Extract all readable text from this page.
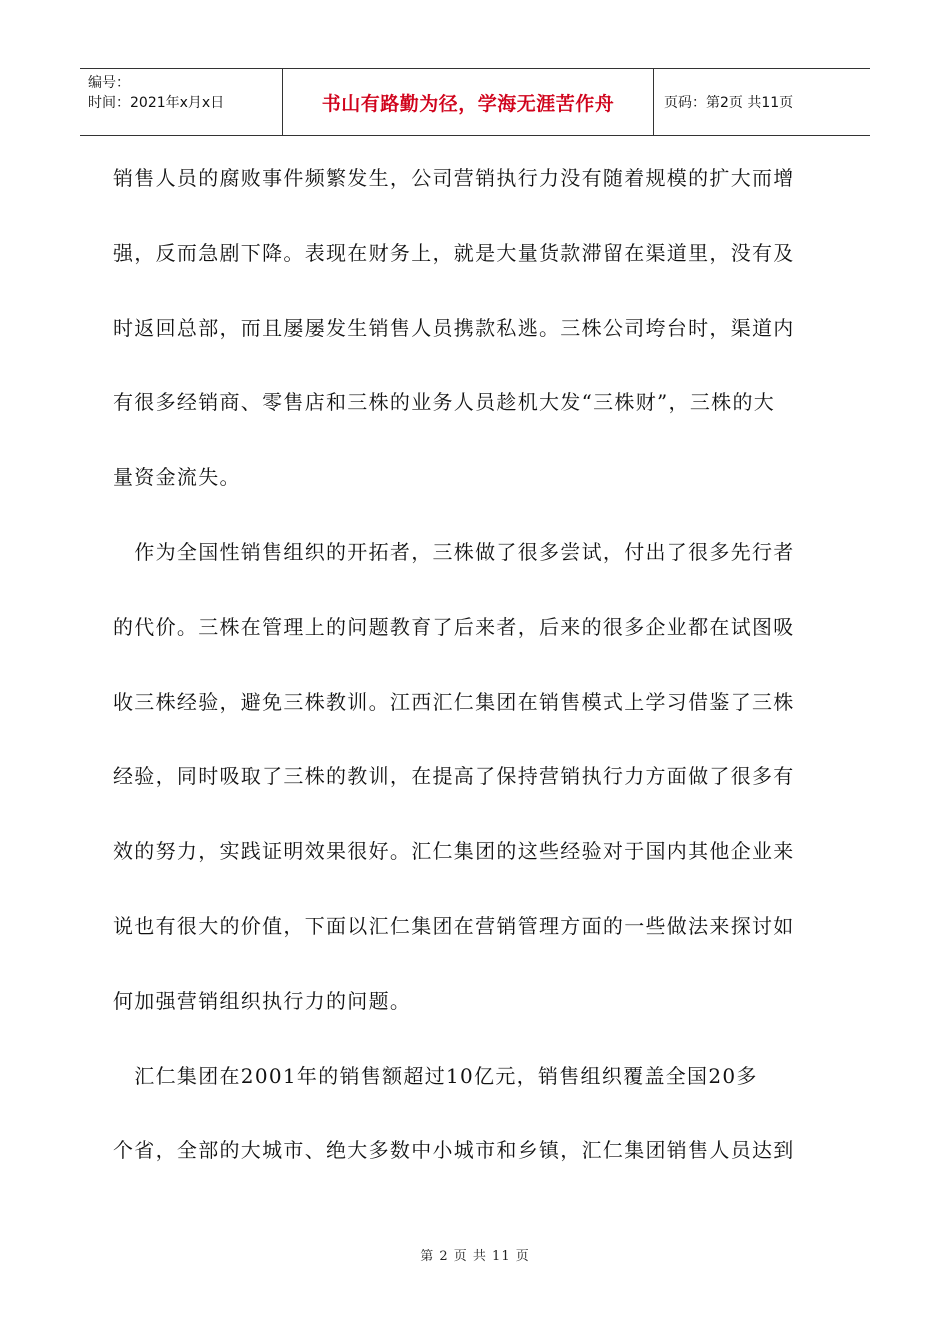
编号：
时间：2021年x月x日	书山有路勤为径，学海无涯苦作舟	页码：第2页 共11页
销售人员的腐败事件频繁发生，公司营销执行力没有随着规模的扩大而增
强，反而急剧下降。表现在财务上，就是大量货款滞留在渠道里，没有及
时返回总部，而且屡屡发生销售人员携款私逃。三株公司垮台时，渠道内
有很多经销商、零售店和三株的业务人员趁机大发“三株财”，三株的大
量资金流失。
　作为全国性销售组织的开拓者，三株做了很多尝试，付出了很多先行者
的代价。三株在管理上的问题教育了后来者，后来的很多企业都在试图吸
收三株经验，避免三株教训。江西汇仁集团在销售模式上学习借鉴了三株
经验，同时吸取了三株的教训，在提高了保持营销执行力方面做了很多有
效的努力，实践证明效果很好。汇仁集团的这些经验对于国内其他企业来
说也有很大的价值，下面以汇仁集团在营销管理方面的一些做法来探讨如
何加强营销组织执行力的问题。
　汇仁集团在2001年的销售额超过10亿元，销售组织覆盖全国20多
个省，全部的大城市、绝大多数中小城市和乡镇，汇仁集团销售人员达到
第 2 页 共 11 页
